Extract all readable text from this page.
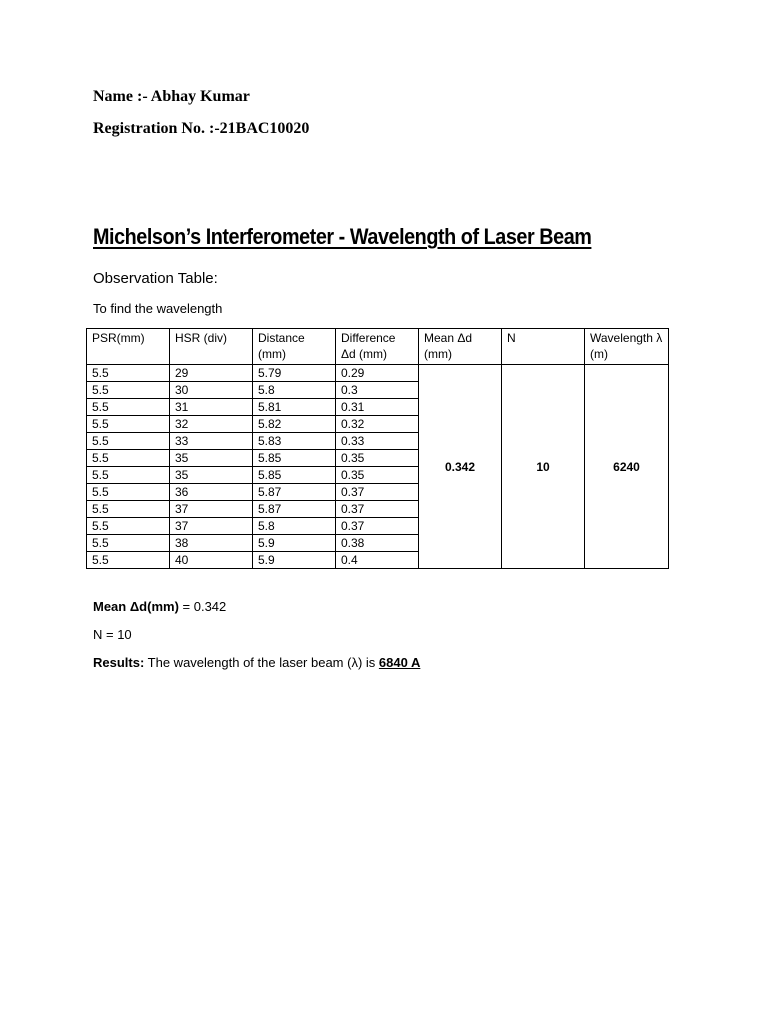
Name :- Abhay Kumar
Registration No. :-21BAC10020
Michelson’s Interferometer - Wavelength of Laser Beam
Observation Table:
To find the wavelength
PSR(mm)	HSR (div)	Distance (mm)	Difference Δd (mm)	Mean Δd (mm)	N	Wavelength λ (m)
5.5	29	5.79	0.29	0.342	10	6240
5.5	30	5.8	0.3			
5.5	31	5.81	0.31			
5.5	32	5.82	0.32			
5.5	33	5.83	0.33			
5.5	35	5.85	0.35			
5.5	35	5.85	0.35			
5.5	36	5.87	0.37			
5.5	37	5.87	0.37			
5.5	37	5.8	0.37			
5.5	38	5.9	0.38			
5.5	40	5.9	0.4			
Mean Δd(mm) = 0.342
N = 10
Results: The wavelength of the laser beam (λ) is 6840 A
